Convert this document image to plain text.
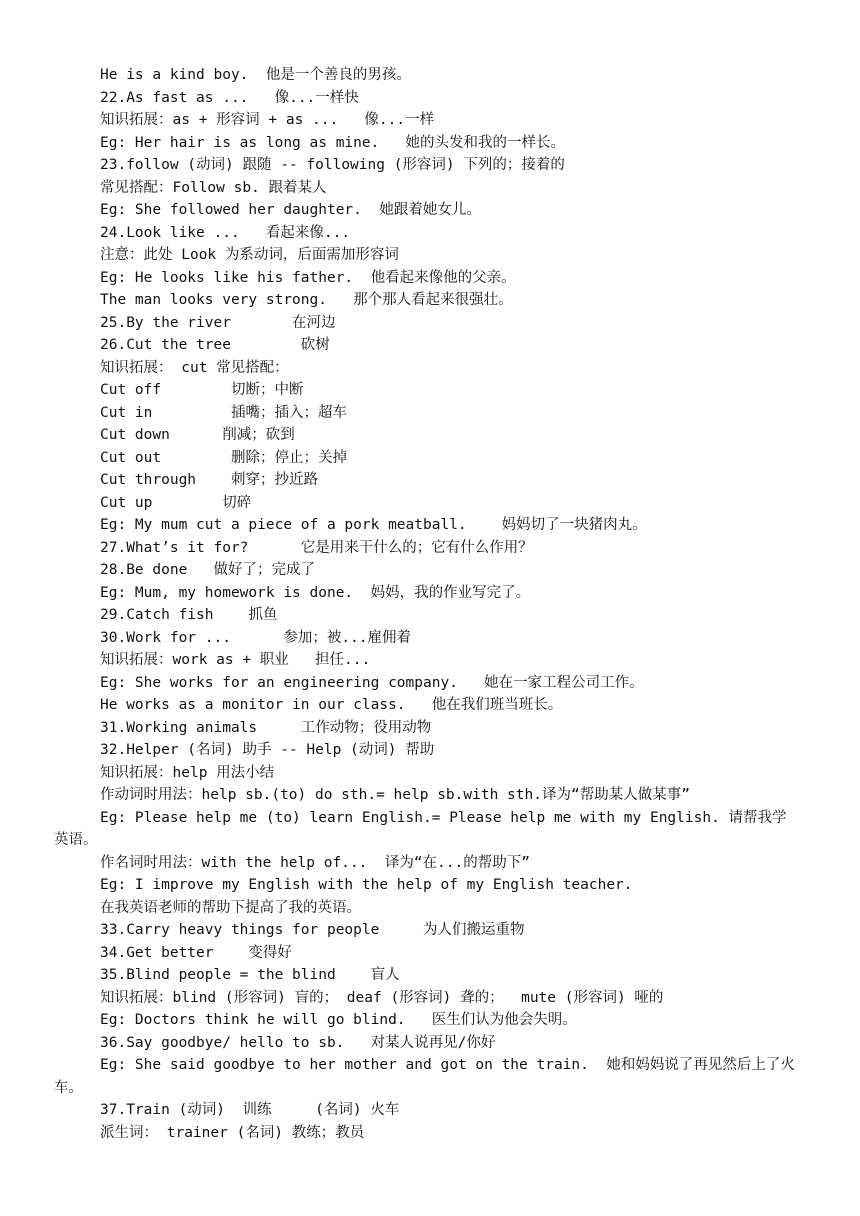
He is a kind boy.  他是一个善良的男孩。

22.As fast as ...   像...一样快

知识拓展：as + 形容词 + as ...   像...一样

Eg: Her hair is as long as mine.   她的头发和我的一样长。

23.follow (动词) 跟随 -- following (形容词) 下列的；接着的

常见搭配：Follow sb. 跟着某人

Eg: She followed her daughter.  她跟着她女儿。

24.Look like ...   看起来像...

注意：此处 Look 为系动词，后面需加形容词

Eg: He looks like his father.  他看起来像他的父亲。

The man looks very strong.   那个那人看起来很强壮。

25.By the river       在河边

26.Cut the tree        砍树

知识拓展： cut 常见搭配：

Cut off        切断；中断

Cut in         插嘴；插入；超车

Cut down      削减；砍到

Cut out        删除；停止；关掉

Cut through    刺穿；抄近路

Cut up        切碎

Eg: My mum cut a piece of a pork meatball.    妈妈切了一块猪肉丸。

27.What’s it for?      它是用来干什么的；它有什么作用？

28.Be done   做好了；完成了

Eg: Mum, my homework is done.  妈妈，我的作业写完了。

29.Catch fish    抓鱼

30.Work for ...      参加；被...雇佣着

知识拓展：work as + 职业   担任...

Eg: She works for an engineering company.   她在一家工程公司工作。

He works as a monitor in our class.   他在我们班当班长。

31.Working animals     工作动物；役用动物

32.Helper (名词) 助手 -- Help (动词) 帮助

知识拓展：help 用法小结

作动词时用法：help sb.(to) do sth.= help sb.with sth.译为“帮助某人做某事”

Eg: Please help me (to) learn English.= Please help me with my English. 请帮我学英语。

作名词时用法：with the help of...  译为“在...的帮助下”

Eg: I improve my English with the help of my English teacher.

在我英语老师的帮助下提高了我的英语。

33.Carry heavy things for people     为人们搬运重物

34.Get better    变得好

35.Blind people = the blind    盲人

知识拓展：blind (形容词) 盲的； deaf (形容词) 聋的；  mute (形容词) 哑的

Eg: Doctors think he will go blind.   医生们认为他会失明。

36.Say goodbye/ hello to sb.   对某人说再见/你好

Eg: She said goodbye to her mother and got on the train.  她和妈妈说了再见然后上了火车。

37.Train (动词)  训练     (名词) 火车

派生词： trainer (名词) 教练；教员
